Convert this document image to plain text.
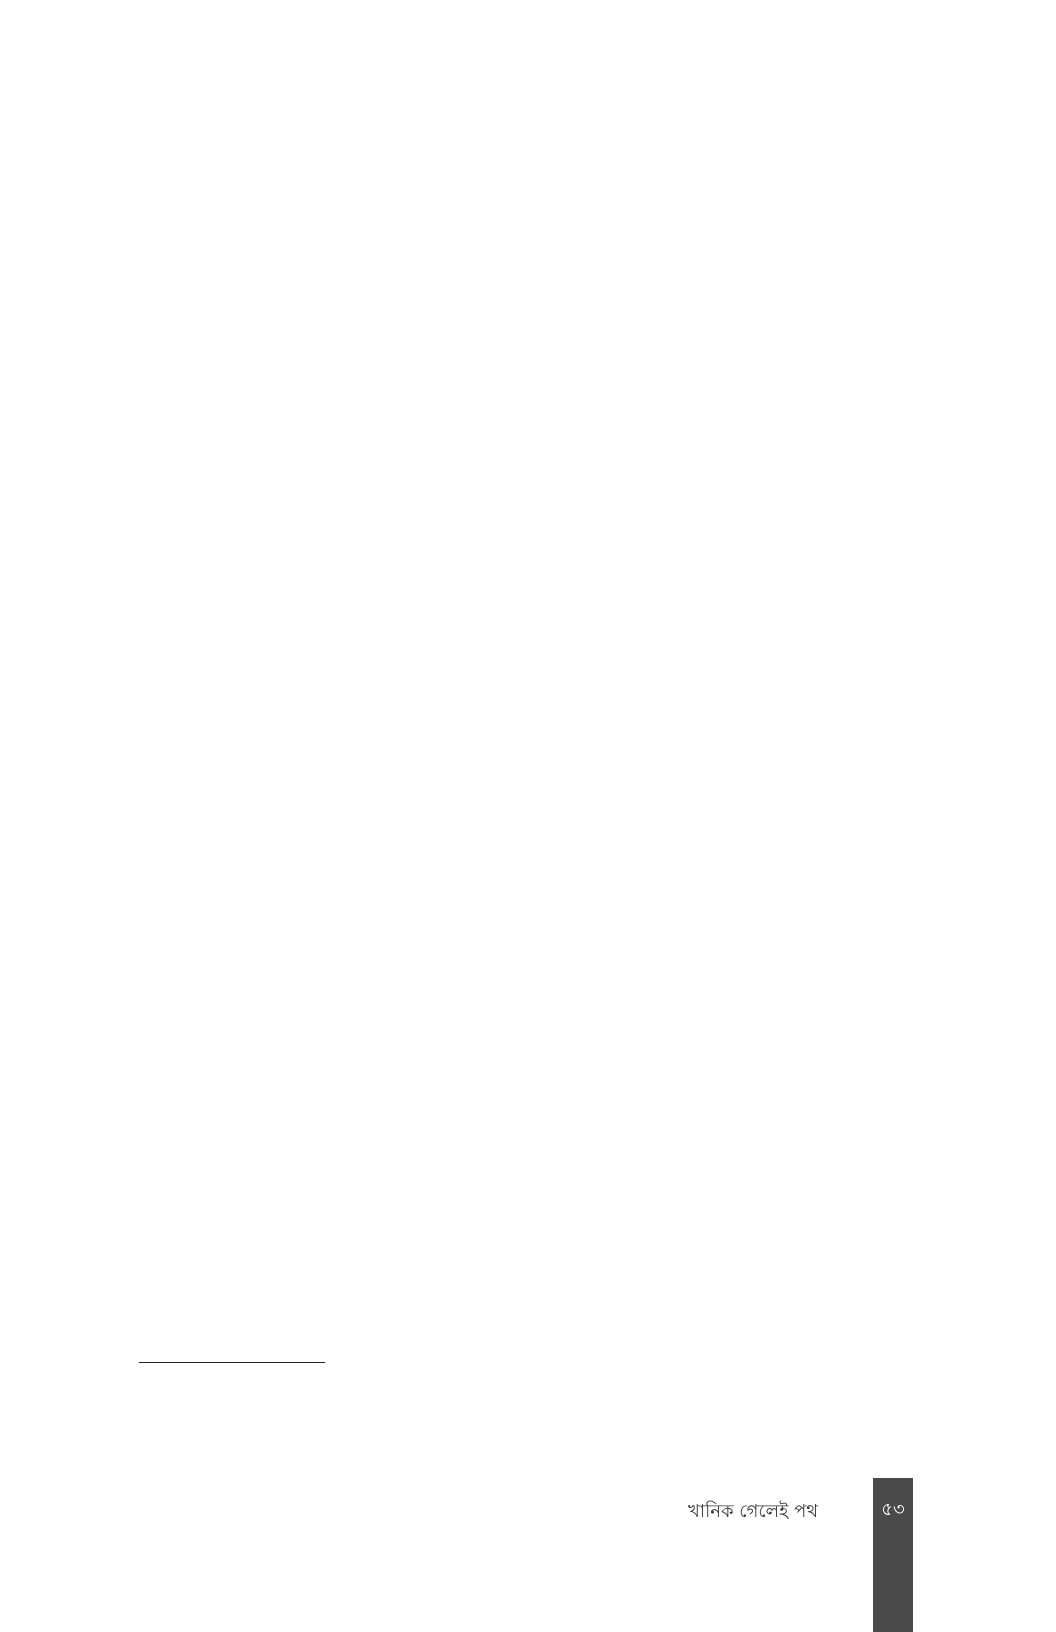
খানিক গেলেই পথ	৫৩
